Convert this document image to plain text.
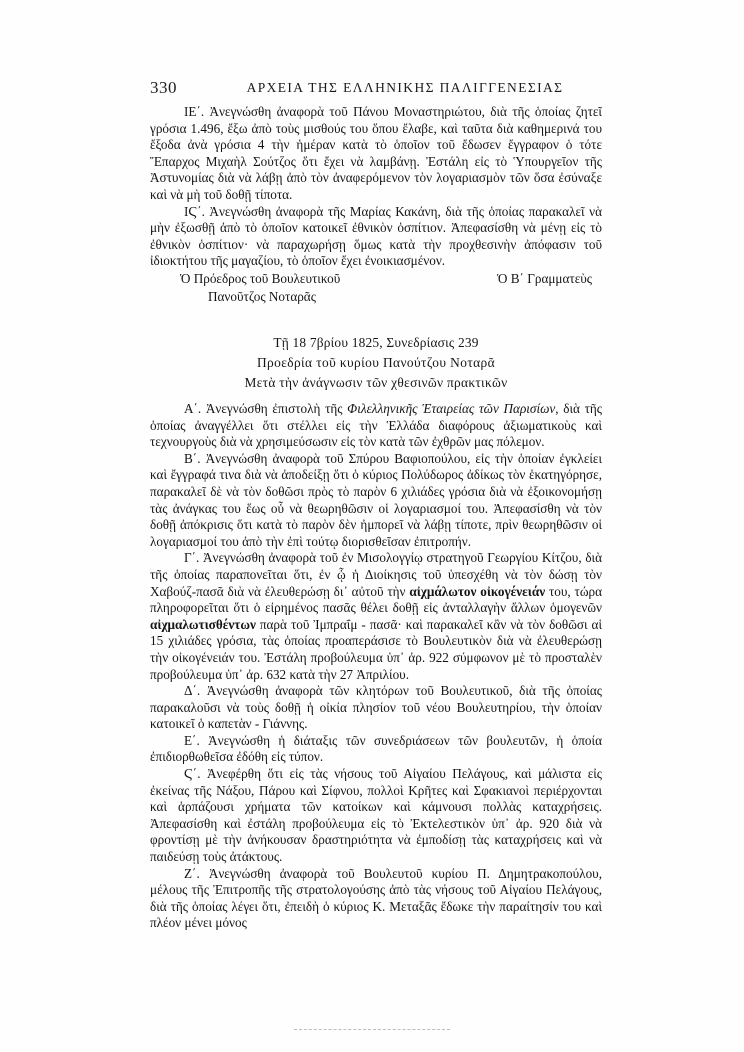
330	ΑΡΧΕΙΑ ΤΗΣ ΕΛΛΗΝΙΚΗΣ ΠΑΛΙΓΓΕΝΕΣΙΑΣ

ΙΕ΄. Ἀνεγνώσθη ἀναφορὰ τοῦ Πάνου Μοναστηριώτου, διὰ τῆς ὁποίας ζητεῖ γρόσια 1.496, ἔξω ἀπὸ τοὺς μισθούς του ὅπου ἔλαβε, καὶ ταῦτα διὰ καθημερινά του ἔξοδα ἀνὰ γρόσια 4 τὴν ἡμέραν κατὰ τὸ ὁποῖον τοῦ ἔδωσεν ἔγγραφον ὁ τότε Ἔπαρχος Μιχαὴλ Σούτζος ὅτι ἔχει νὰ λαμβάνῃ. Ἐστάλη εἰς τὸ Ὑπουργεῖον τῆς Ἀστυνομίας διὰ νὰ λάβῃ ἀπὸ τὸν ἀναφερόμενον τὸν λογαριασμὸν τῶν ὅσα ἐσύναξε καὶ νὰ μὴ τοῦ δοθῇ τίποτα.

ΙϚ΄. Ἀνεγνώσθη ἀναφορὰ τῆς Μαρίας Κακάνη, διὰ τῆς ὁποίας παρακαλεῖ νὰ μὴν ἐξωσθῇ ἀπὸ τὸ ὁποῖον κατοικεῖ ἐθνικὸν ὁσπίτιον. Ἀπεφασίσθη νὰ μένῃ εἰς τὸ ἐθνικὸν ὁσπίτιον· νὰ παραχωρήσῃ ὅμως κατὰ τὴν προχθεσινὴν ἀπόφασιν τοῦ ἰδιοκτήτου τῆς μαγαζίου, τὸ ὁποῖον ἔχει ἐνοικιασμένον.

Ὁ Πρόεδρος τοῦ Βουλευτικοῦ
Πανοῦτζος Νοταρᾶς
Ὁ Β΄ Γραμματεὺς
Τῇ 18 7βρίου 1825, Συνεδρίασις 239
Προεδρία τοῦ κυρίου Πανούτζου Νοταρᾶ
Μετὰ τὴν ἀνάγνωσιν τῶν χθεσινῶν πρακτικῶν

Α΄. Ἀνεγνώσθη ἐπιστολὴ τῆς Φιλελληνικῆς Ἑταιρείας τῶν Παρισίων, διὰ τῆς ὁποίας ἀναγγέλλει ὅτι στέλλει εἰς τὴν Ἑλλάδα διαφόρους ἀξιωματικοὺς καὶ τεχνουργοὺς διὰ νὰ χρησιμεύσωσιν εἰς τὸν κατὰ τῶν ἐχθρῶν μας πόλεμον.

Β΄. Ἀνεγνώσθη ἀναφορὰ τοῦ Σπύρου Βαφιοπούλου, εἰς τὴν ὁποίαν ἐγκλείει καὶ ἔγγραφά τινα διὰ νὰ ἀποδείξῃ ὅτι ὁ κύριος Πολύδωρος ἀδίκως τὸν ἑκατηγόρησε, παρακαλεῖ δὲ νὰ τὸν δοθῶσι πρὸς τὸ παρὸν 6 χιλιάδες γρόσια διὰ νὰ ἐξοικονομήσῃ τὰς ἀνάγκας του ἕως οὗ νὰ θεωρηθῶσιν οἱ λογαριασμοί του. Ἀπεφασίσθη νὰ τὸν δοθῇ ἀπόκρισις ὅτι κατὰ τὸ παρὸν δὲν ἠμπορεῖ νὰ λάβῃ τίποτε, πρὶν θεωρηθῶσιν οἱ λογαριασμοί του ἀπὸ τὴν ἐπὶ τούτῳ διορισθεῖσαν ἐπιτροπήν.

Γ΄. Ἀνεγνώσθη ἀναφορὰ τοῦ ἐν Μισολογγίῳ στρατηγοῦ Γεωργίου Κίτζου, διὰ τῆς ὁποίας παραπονεῖται ὅτι, ἐν ᾧ ἡ Διοίκησις τοῦ ὑπεσχέθη νὰ τὸν δώσῃ τὸν Χαβούζ-πασᾶ διὰ νὰ ἐλευθερώσῃ δι᾿ αὐτοῦ τὴν αἰχμάλωτον οἰκογένειάν του, τώρα πληροφορεῖται ὅτι ὁ εἰρημένος πασᾶς θέλει δοθῇ εἰς ἀνταλλαγὴν ἄλλων ὁμογενῶν αἰχμαλωτισθέντων παρὰ τοῦ Ἰμπραΐμ - πασᾶ· καὶ παρακαλεῖ κἂν νὰ τὸν δοθῶσι αἱ 15 χιλιάδες γρόσια, τὰς ὁποίας προαπεράσισε τὸ Βουλευτικὸν διὰ νὰ ἐλευθερώσῃ τὴν οἰκογένειάν του. Ἐστάλη προβούλευμα ὑπ᾿ ἀρ. 922 σύμφωνον μὲ τὸ προσταλὲν προβούλευμα ὑπ᾿ ἀρ. 632 κατὰ τὴν 27 Ἀπριλίου.

Δ΄. Ἀνεγνώσθη ἀναφορὰ τῶν κλητόρων τοῦ Βουλευτικοῦ, διὰ τῆς ὁποίας παρακαλοῦσι νὰ τοὺς δοθῇ ἡ οἰκία πλησίον τοῦ νέου Βουλευτηρίου, τὴν ὁποίαν κατοικεῖ ὁ καπετὰν - Γιάννης.

Ε΄. Ἀνεγνώσθη ἡ διάταξις τῶν συνεδριάσεων τῶν βουλευτῶν, ἡ ὁποία ἐπιδιορθωθεῖσα ἐδόθη εἰς τύπον.

Ϛ΄. Ἀνεφέρθη ὅτι εἰς τὰς νήσους τοῦ Αἰγαίου Πελάγους, καὶ μάλιστα εἰς ἐκείνας τῆς Νάξου, Πάρου καὶ Σίφνου, πολλοὶ Κρῆτες καὶ Σφακιανοὶ περιέρχονται καὶ ἁρπάζουσι χρήματα τῶν κατοίκων καὶ κάμνουσι πολλὰς καταχρήσεις. Ἀπεφασίσθη καὶ ἐστάλη προβούλευμα εἰς τὸ Ἐκτελεστικὸν ὑπ᾿ ἀρ. 920 διὰ νὰ φροντίσῃ μὲ τὴν ἀνήκουσαν δραστηριότητα νὰ ἐμποδίσῃ τὰς καταχρήσεις καὶ νὰ παιδεύσῃ τοὺς ἀτάκτους.

Ζ΄. Ἀνεγνώσθη ἀναφορὰ τοῦ Βουλευτοῦ κυρίου Π. Δημητρακοπούλου, μέλους τῆς Ἐπιτροπῆς τῆς στρατολογούσης ἀπὸ τὰς νήσους τοῦ Αἰγαίου Πελάγους, διὰ τῆς ὁποίας λέγει ὅτι, ἐπειδὴ ὁ κύριος Κ. Μεταξᾶς ἔδωκε τὴν παραίτησίν του καὶ πλέον μένει μόνος
